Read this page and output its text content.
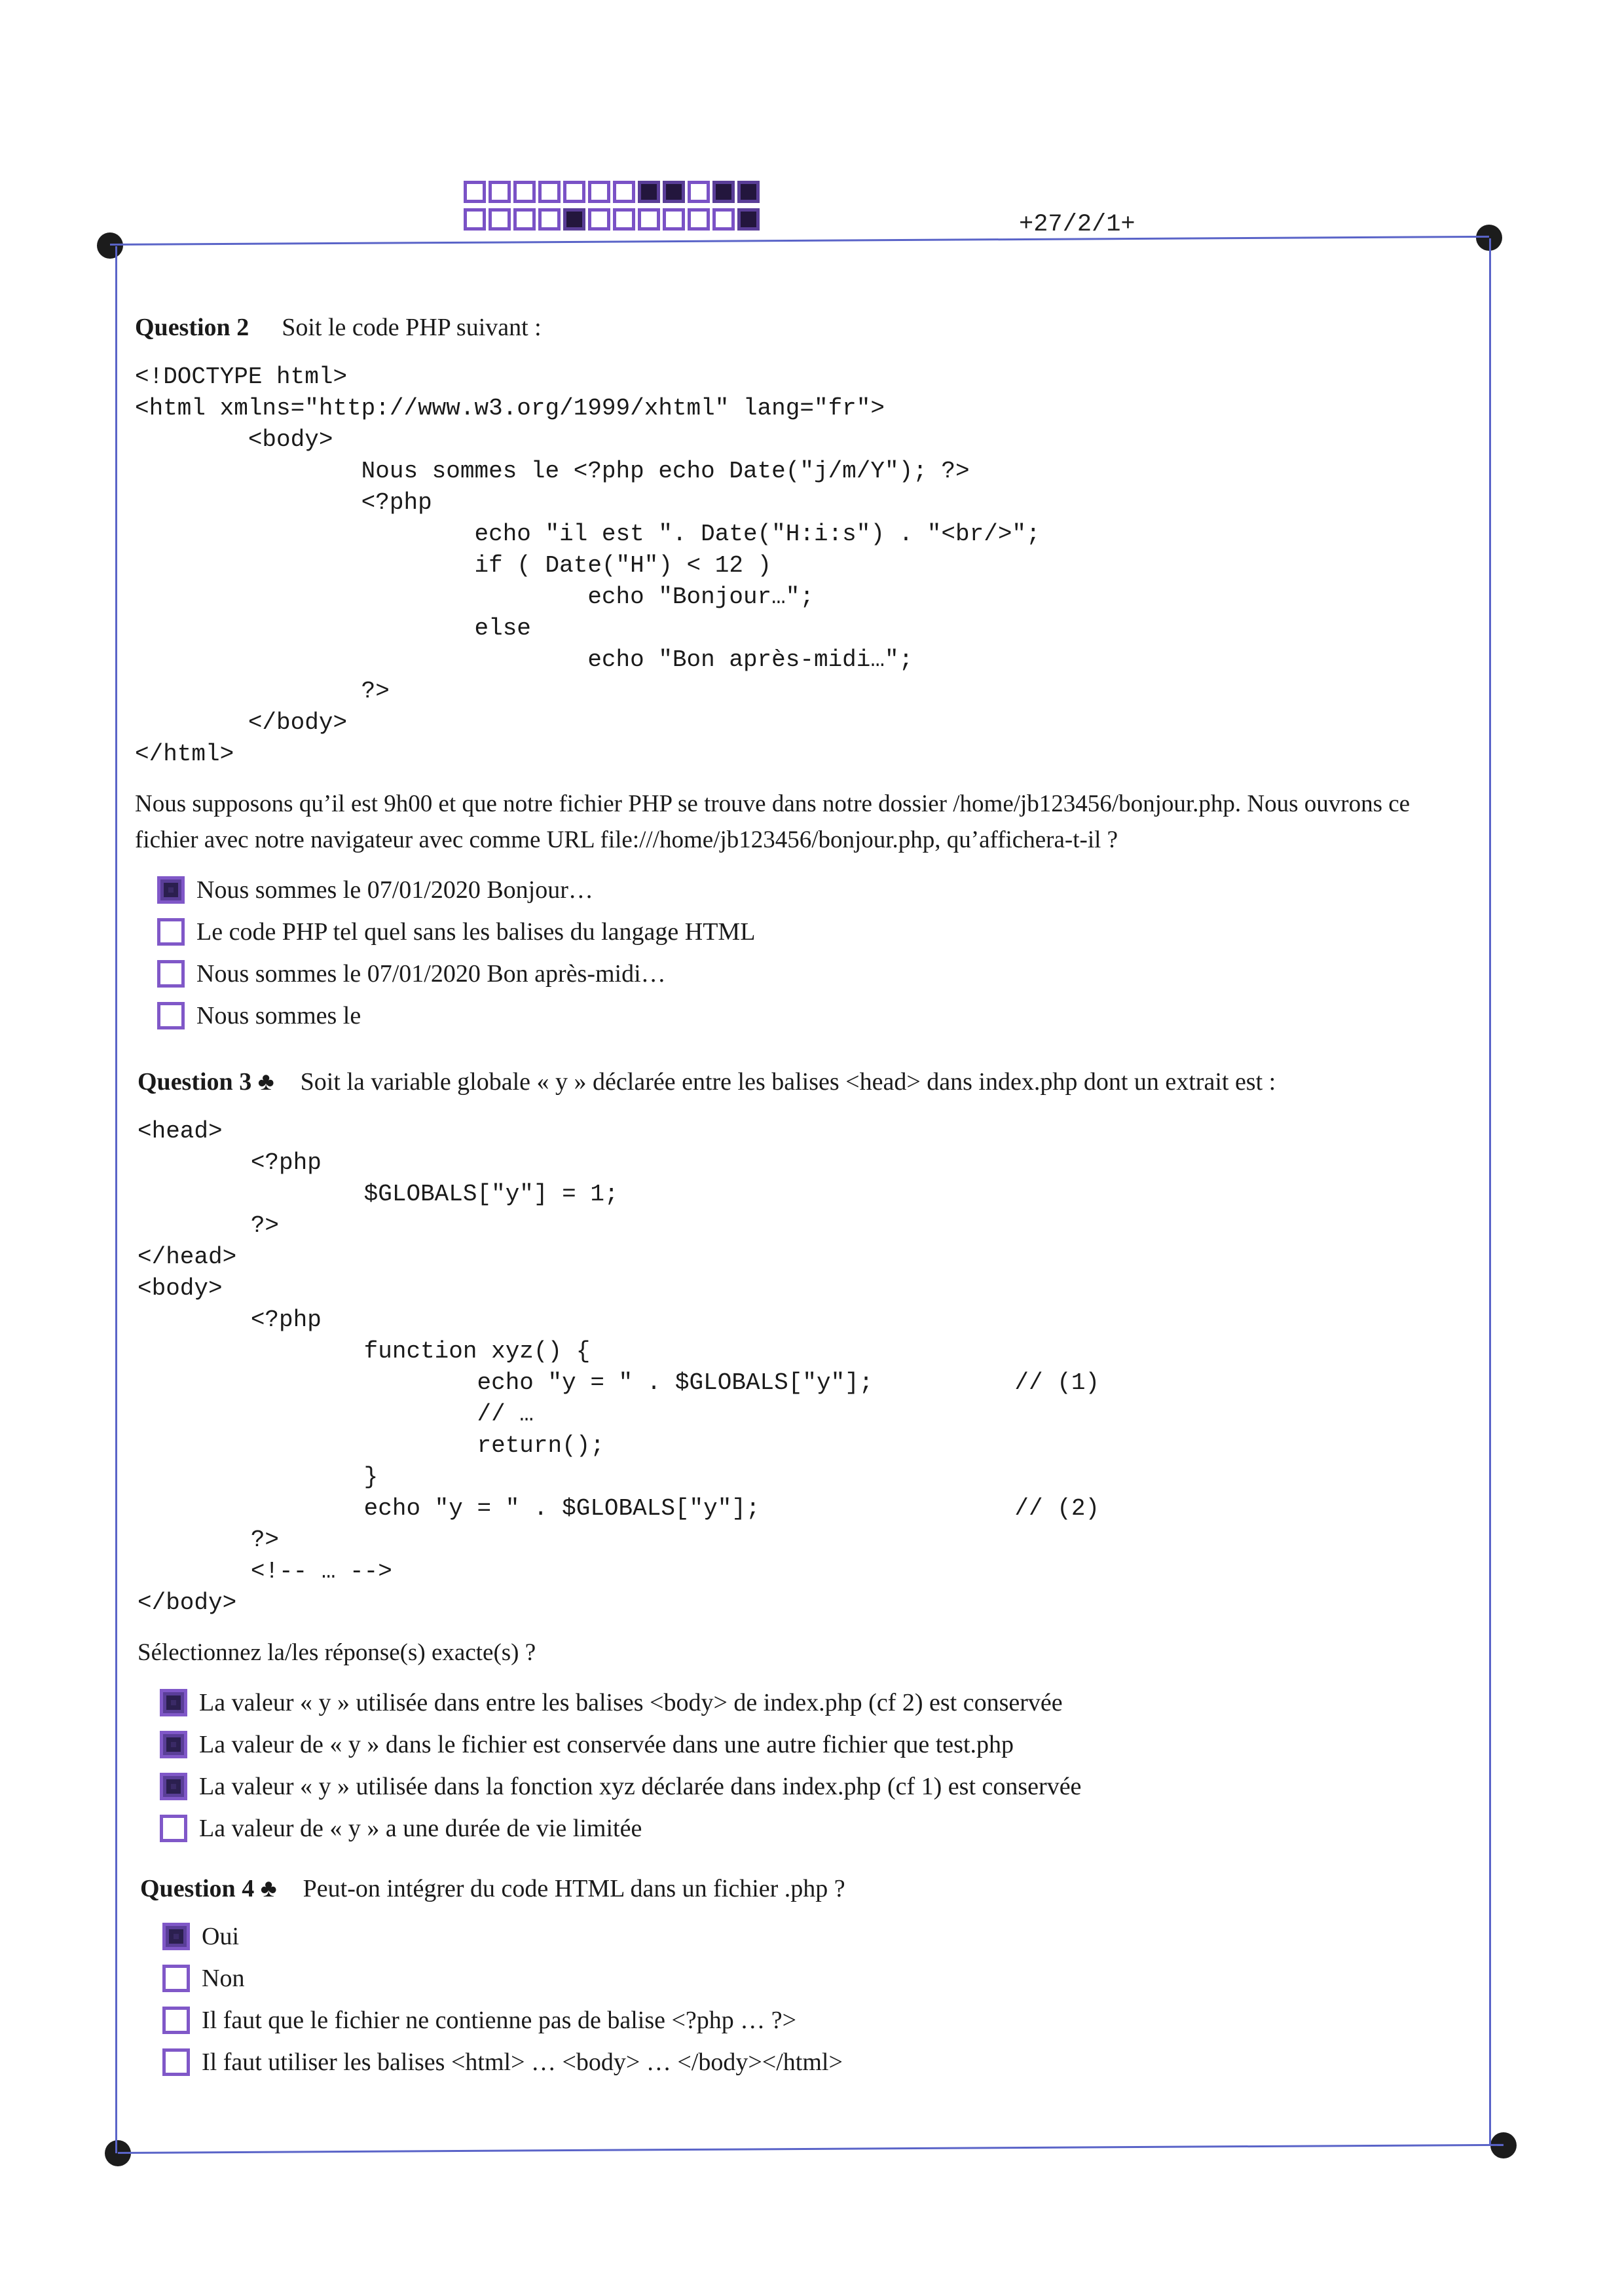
+27/2/1+
Question 2 Soit le code PHP suivant :
<!DOCTYPE html>
<html xmlns="http://www.w3.org/1999/xhtml" lang="fr">
<body>
Nous sommes le <?php echo Date("j/m/Y"); ?>
<?php
echo "il est ". Date("H:i:s") . "<br/>";
if ( Date("H") < 12 )
echo "Bonjour…";
else
echo "Bon après-midi…";
?>
</body>
</html>
Nous supposons qu’il est 9h00 et que notre fichier PHP se trouve dans notre dossier /home/jb123456/bonjour.php. Nous ouvrons ce fichier avec notre navigateur avec comme URL file:///home/jb123456/bonjour.php, qu’affichera-t-il ?
Nous sommes le 07/01/2020 Bonjour…
Le code PHP tel quel sans les balises du langage HTML
Nous sommes le 07/01/2020 Bon après-midi…
Nous sommes le
Question 3 ♣ Soit la variable globale « y » déclarée entre les balises <head> dans index.php dont un extrait est :
<head>
<?php
$GLOBALS["y"] = 1;
?>
</head>
<body>
<?php
function xyz() {
echo "y = " . $GLOBALS["y"];          // (1)
// …
return();
}
echo "y = " . $GLOBALS["y"];                  // (2)
?>
<!-- … -->
</body>
Sélectionnez la/les réponse(s) exacte(s) ?
La valeur « y » utilisée dans entre les balises <body> de index.php (cf 2) est conservée
La valeur de « y » dans le fichier est conservée dans une autre fichier que test.php
La valeur « y » utilisée dans la fonction xyz déclarée dans index.php (cf 1) est conservée
La valeur de « y » a une durée de vie limitée
Question 4 ♣ Peut-on intégrer du code HTML dans un fichier .php ?
Oui
Non
Il faut que le fichier ne contienne pas de balise <?php … ?>
Il faut utiliser les balises <html> … <body> … </body></html>
